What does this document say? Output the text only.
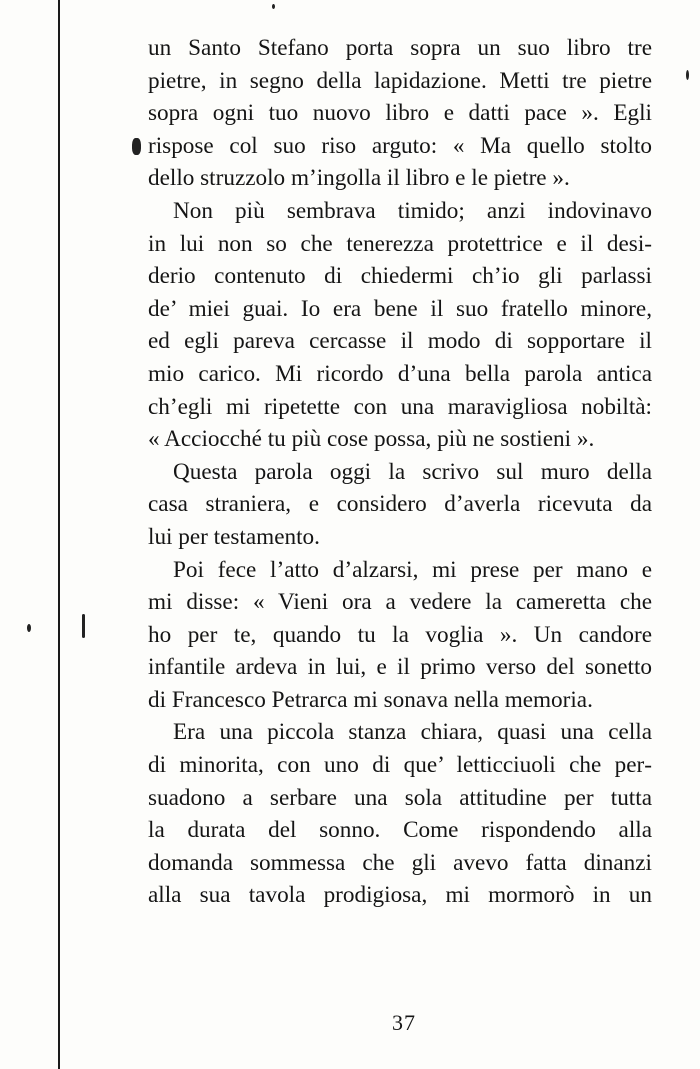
un Santo Stefano porta sopra un suo libro tre
pietre, in segno della lapidazione. Metti tre pietre
sopra ogni tuo nuovo libro e datti pace ». Egli
rispose col suo riso arguto: « Ma quello stolto
dello struzzolo m’ingolla il libro e le pietre ».
Non più sembrava timido; anzi indovinavo
in lui non so che tenerezza protettrice e il desi‑
derio contenuto di chiedermi ch’io gli parlassi
de’ miei guai. Io era bene il suo fratello minore,
ed egli pareva cercasse il modo di sopportare il
mio carico. Mi ricordo d’una bella parola antica
ch’egli mi ripetette con una maravigliosa nobiltà:
« Acciocché tu più cose possa, più ne sostieni ».
Questa parola oggi la scrivo sul muro della
casa straniera, e considero d’averla ricevuta da
lui per testamento.
Poi fece l’atto d’alzarsi, mi prese per mano e
mi disse: « Vieni ora a vedere la cameretta che
ho per te, quando tu la voglia ». Un candore
infantile ardeva in lui, e il primo verso del sonetto
di Francesco Petrarca mi sonava nella memoria.
Era una piccola stanza chiara, quasi una cella
di minorita, con uno di que’ letticciuoli che per‑
suadono a serbare una sola attitudine per tutta
la durata del sonno. Come rispondendo alla
domanda sommessa che gli avevo fatta dinanzi
alla sua tavola prodigiosa, mi mormorò in un
37
